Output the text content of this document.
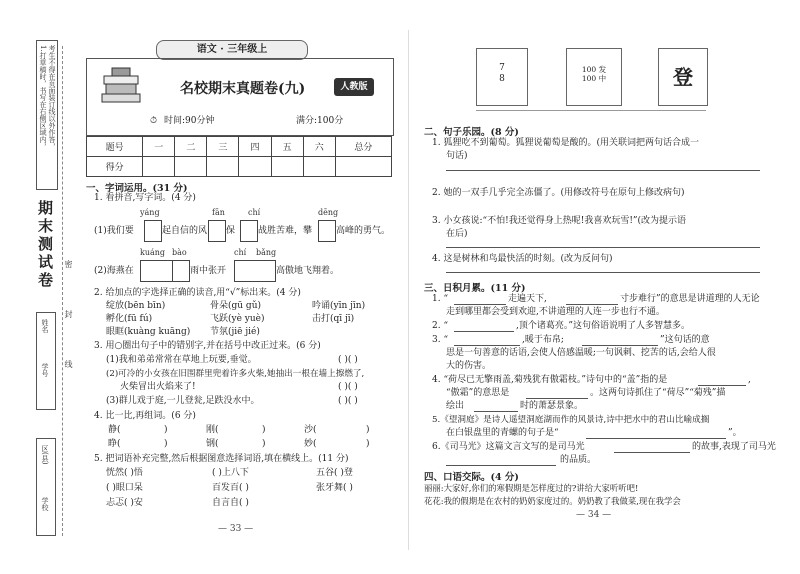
1.打草稿时，书写在右侧区域内， 考生不得在页面装订线以外作答，
期末测试卷 密
封
线
姓名
学号
区(县)
学校
语文 · 三年级上
名校期末真题卷(九)	人教版
⏱ 时间:90分钟	满分:100分
题号	一	二	三	四	五	六	总分
得分							
一、字词运用。(31 分)
1. 看拼音,写字词。(4 分)
yáng	fān	chí	dēng
(1)我们要	起自信的风 保	战胜苦难，攀	高峰的勇气。
kuáng bào	chí bǎng
(2)海燕在	雨中张开	高傲地飞翔着。
2. 给加点的字选择正确的读音,用“√”标出来。(4 分)
绽放(bēn bīn)	骨朵(gū gǔ)	吟诵(yīn jīn)
孵化(fū fú)	飞跃(yè yuè)	击打(qī jī)
眼眶(kuàng kuāng) 节氛(jiē jié)
3. 用○圈出句子中的错别字,并在括号中改正过来。(6 分)
(1)我和弟弟常常在草地上玩要,垂觉。	( )( )
(2)可冷的小女孩在旧围群里兜着许多火柴,她抽出一根在墙上擦燃了,
火柴冒出火焰来了!	( )( )
(3)群儿戏于庭,一儿登瓮,足跌没水中。	( )( )
4. 比一比,再组词。(6 分)
静(	刚(	沙(
睁(	钢(	妙(
)
)
)
)
)
)
5. 把词语补充完整,然后根据图意选择词语,填在横线上。(11 分)
恍然( )悟	( )上八下	五谷( )登
( )眼口呆	百发百( )	张牙舞( )
忐忑( )安	自言自( )
— 33 —
7
8
100 发
100 中	登
二、句子乐园。(8 分)
1. 狐狸吃不到葡萄。狐狸说葡萄是酸的。(用关联词把两句话合成一
句话)
2. 她的一双手几乎完全冻僵了。(用修改符号在原句上修改病句)
3. 小女孩说:“不怕!我还觉得身上热呢!我喜欢玩雪!”(改为提示语
在后)
4. 这是树林和鸟最快活的时刻。(改为反问句)
三、日积月累。(11 分)
1. “	走遍天下,	寸步难行”的意思是讲道理的人无论
走到哪里都会受到欢迎,不讲道理的人连一步也行不通。
2. “	,顶个诸葛亮。”这句俗语说明了人多智慧多。
3. “	,暖于布帛;	”这句话的意
思是一句善意的话语,会使人倍感温暖;一句讽刺、挖苦的话,会给人很
大的伤害。
4. “荷尽已无擎雨盖,菊残犹有傲霜枝。”诗句中的“盖”指的是	,
“傲霜”的意思是	。这两句诗抓住了“荷尽”“菊残”描
绘出	时的萧瑟景象。
5.《望洞庭》是诗人遥望洞庭湖而作的风景诗,诗中把水中的君山比喻成搁
在白银盘里的青螺的句子是“	”。
6.《司马光》这篇文言文写的是司马光	的故事,表现了司马光
的品质。
四、口语交际。(4 分)
丽丽:大家好,你们的寒假期是怎样度过的?讲给大家听听吧!
花花:我的假期是在农村的奶奶家度过的。奶奶教了我做菜,现在我学会
— 34 —
